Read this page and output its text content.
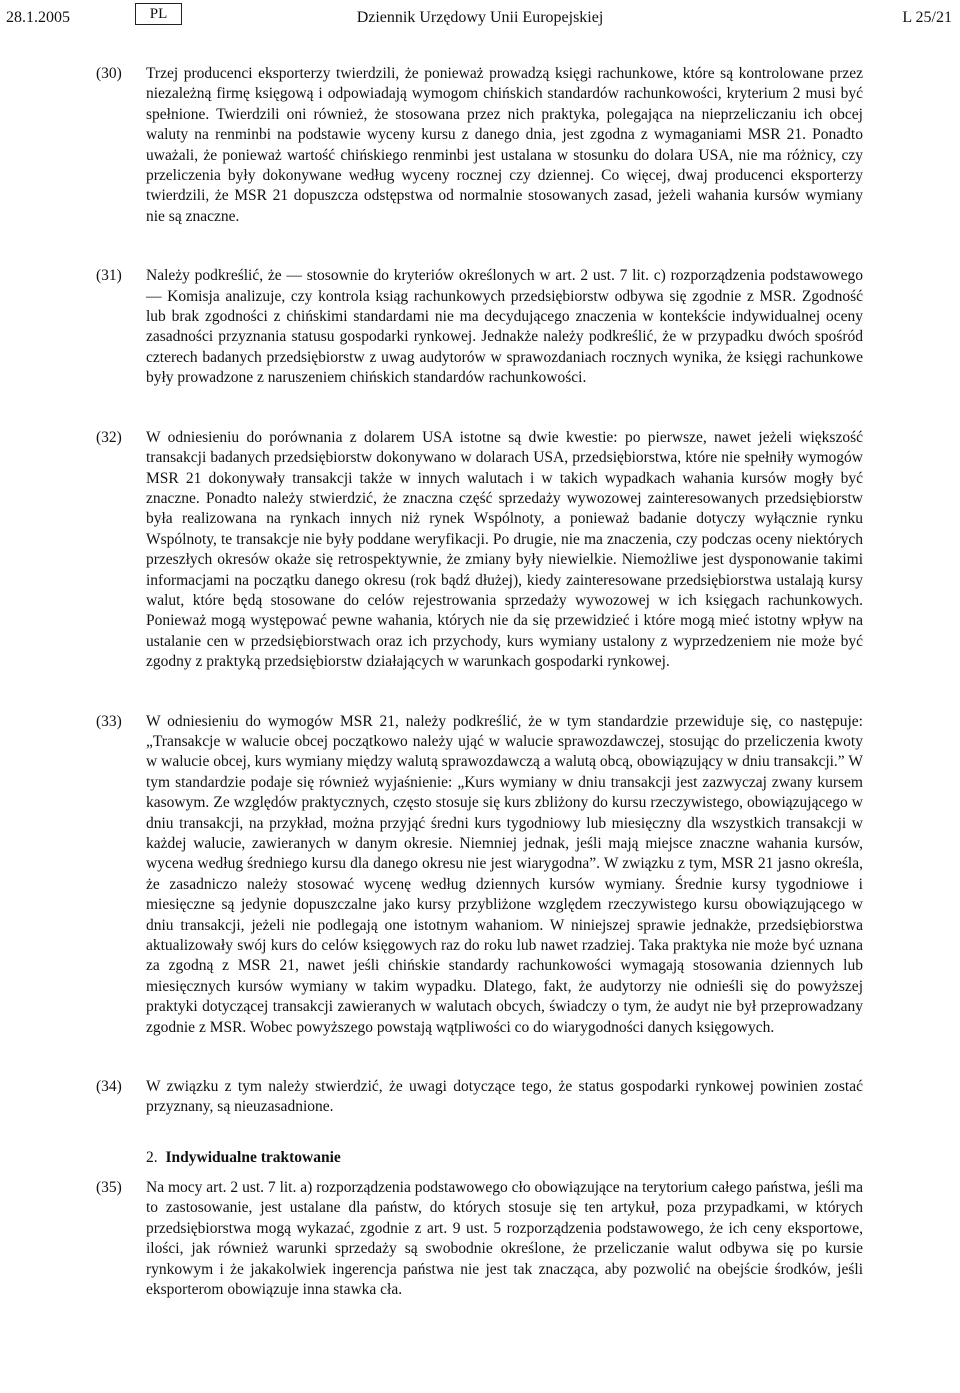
28.1.2005	PL	Dziennik Urzędowy Unii Europejskiej	L 25/21
(30) Trzej producenci eksporterzy twierdzili, że ponieważ prowadzą księgi rachunkowe, które są kontrolowane przez niezależną firmę księgową i odpowiadają wymogom chińskich standardów rachunkowości, kryterium 2 musi być spełnione. Twierdzili oni również, że stosowana przez nich praktyka, polegająca na nieprzeliczaniu ich obcej waluty na renminbi na podstawie wyceny kursu z danego dnia, jest zgodna z wymaganiami MSR 21. Ponadto uważali, że ponieważ wartość chińskiego renminbi jest ustalana w stosunku do dolara USA, nie ma różnicy, czy przeliczenia były dokonywane według wyceny rocznej czy dziennej. Co więcej, dwaj producenci eksporterzy twierdzili, że MSR 21 dopuszcza odstępstwa od normalnie stosowanych zasad, jeżeli wahania kursów wymiany nie są znaczne.
(31) Należy podkreślić, że — stosownie do kryteriów określonych w art. 2 ust. 7 lit. c) rozporządzenia podstawowego — Komisja analizuje, czy kontrola ksiąg rachunkowych przedsiębiorstw odbywa się zgodnie z MSR. Zgodność lub brak zgodności z chińskimi standardami nie ma decydującego znaczenia w kontekście indywidualnej oceny zasadności przyznania statusu gospodarki rynkowej. Jednakże należy podkreślić, że w przypadku dwóch spośród czterech badanych przedsiębiorstw z uwag audytorów w sprawozdaniach rocznych wynika, że księgi rachunkowe były prowadzone z naruszeniem chińskich standardów rachunkowości.
(32) W odniesieniu do porównania z dolarem USA istotne są dwie kwestie: po pierwsze, nawet jeżeli większość transakcji badanych przedsiębiorstw dokonywano w dolarach USA, przedsiębiorstwa, które nie spełniły wymogów MSR 21 dokonywały transakcji także w innych walutach i w takich wypadkach wahania kursów mogły być znaczne. Ponadto należy stwierdzić, że znaczna część sprzedaży wywozowej zainteresowanych przedsiębiorstw była realizowana na rynkach innych niż rynek Wspólnoty, a ponieważ badanie dotyczy wyłącznie rynku Wspólnoty, te transakcje nie były poddane weryfikacji. Po drugie, nie ma znaczenia, czy podczas oceny niektórych przeszłych okresów okaże się retrospektywnie, że zmiany były niewielkie. Niemożliwe jest dysponowanie takimi informacjami na początku danego okresu (rok bądź dłużej), kiedy zainteresowane przedsiębiorstwa ustalają kursy walut, które będą stosowane do celów rejestrowania sprzedaży wywozowej w ich księgach rachunkowych. Ponieważ mogą występować pewne wahania, których nie da się przewidzieć i które mogą mieć istotny wpływ na ustalanie cen w przedsiębiorstwach oraz ich przychody, kurs wymiany ustalony z wyprzedzeniem nie może być zgodny z praktyką przedsiębiorstw działających w warunkach gospodarki rynkowej.
(33) W odniesieniu do wymogów MSR 21, należy podkreślić, że w tym standardzie przewiduje się, co następuje: „Transakcje w walucie obcej początkowo należy ująć w walucie sprawozdawczej, stosując do przeliczenia kwoty w walucie obcej, kurs wymiany między walutą sprawozdawczą a walutą obcą, obowiązujący w dniu transakcji.” W tym standardzie podaje się również wyjaśnienie: „Kurs wymiany w dniu transakcji jest zazwyczaj zwany kursem kasowym. Ze względów praktycznych, często stosuje się kurs zbliżony do kursu rzeczywistego, obowiązującego w dniu transakcji, na przykład, można przyjąć średni kurs tygodniowy lub miesięczny dla wszystkich transakcji w każdej walucie, zawieranych w danym okresie. Niemniej jednak, jeśli mają miejsce znaczne wahania kursów, wycena według średniego kursu dla danego okresu nie jest wiarygodna”. W związku z tym, MSR 21 jasno określa, że zasadniczo należy stosować wycenę według dziennych kursów wymiany. Średnie kursy tygodniowe i miesięczne są jedynie dopuszczalne jako kursy przybliżone względem rzeczywistego kursu obowiązującego w dniu transakcji, jeżeli nie podlegają one istotnym wahaniom. W niniejszej sprawie jednakże, przedsiębiorstwa aktualizowały swój kurs do celów księgowych raz do roku lub nawet rzadziej. Taka praktyka nie może być uznana za zgodną z MSR 21, nawet jeśli chińskie standardy rachunkowości wymagają stosowania dziennych lub miesięcznych kursów wymiany w takim wypadku. Dlatego, fakt, że audytorzy nie odnieśli się do powyższej praktyki dotyczącej transakcji zawieranych w walutach obcych, świadczy o tym, że audyt nie był przeprowadzany zgodnie z MSR. Wobec powyższego powstają wątpliwości co do wiarygodności danych księgowych.
(34) W związku z tym należy stwierdzić, że uwagi dotyczące tego, że status gospodarki rynkowej powinien zostać przyznany, są nieuzasadnione.
2. Indywidualne traktowanie
(35) Na mocy art. 2 ust. 7 lit. a) rozporządzenia podstawowego cło obowiązujące na terytorium całego państwa, jeśli ma to zastosowanie, jest ustalane dla państw, do których stosuje się ten artykuł, poza przypadkami, w których przedsiębiorstwa mogą wykazać, zgodnie z art. 9 ust. 5 rozporządzenia podstawowego, że ich ceny eksportowe, ilości, jak również warunki sprzedaży są swobodnie określone, że przeliczanie walut odbywa się po kursie rynkowym i że jakakolwiek ingerencja państwa nie jest tak znacząca, aby pozwolić na obejście środków, jeśli eksporterom obowiązuje inna stawka cła.
